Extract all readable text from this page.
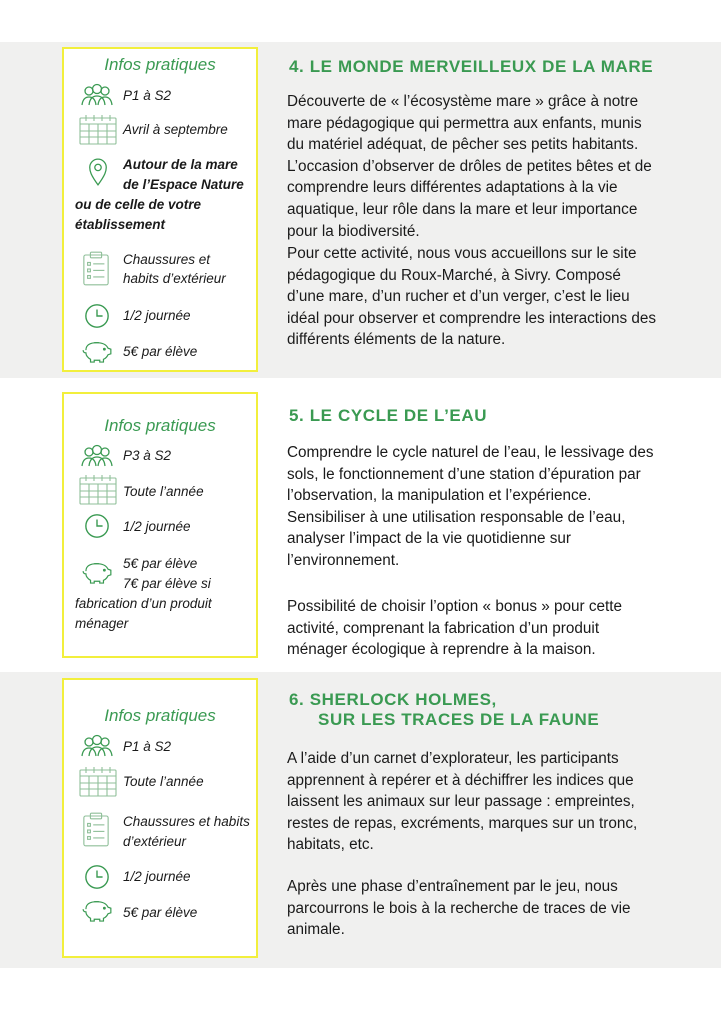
Infos pratiques
P1 à S2
Avril à septembre
Autour de la mare
de l’Espace Nature
ou de celle de votre
établissement
Chaussures et
habits d’extérieur
1/2 journée
5€ par élève
4. LE MONDE MERVEILLEUX DE LA MARE

Découverte de « l’écosystème mare » grâce à notre mare pédagogique qui permettra aux enfants, munis du matériel adéquat, de pêcher ses petits habitants. L’occasion d’observer de drôles de petites bêtes et de comprendre leurs différentes adaptations à la vie aquatique, leur rôle dans la mare et leur importance pour la biodiversité.

Pour cette activité, nous vous accueillons sur le site pédagogique du Roux-Marché, à Sivry. Composé d’une mare, d’un rucher et d’un verger, c’est le lieu idéal pour observer et comprendre les interactions des différents éléments de la nature.

Infos pratiques
P3 à S2
Toute l’année
1/2 journée
5€ par élève
7€ par élève si
fabrication d’un produit
ménager
5. LE CYCLE DE L’EAU

Comprendre le cycle naturel de l’eau, le lessivage des sols, le fonctionnement d’une station d’épuration par l’observation, la manipulation et l’expérience. Sensibiliser à une utilisation responsable de l’eau, analyser l’impact de la vie quotidienne sur l’environnement.

Possibilité de choisir l’option « bonus » pour cette activité, comprenant la fabrication d’un produit ménager écologique à reprendre à la maison.

Infos pratiques
P1 à S2
Toute l’année
Chaussures et habits
d’extérieur
1/2 journée
5€ par élève
6. SHERLOCK HOLMES,
SUR LES TRACES DE LA FAUNE

A l’aide d’un carnet d’explorateur, les participants apprennent à repérer et à déchiffrer les indices que laissent les animaux sur leur passage : empreintes, restes de repas, excréments, marques sur un tronc, habitats, etc.

Après une phase d’entraînement par le jeu, nous parcourrons le bois à la recherche de traces de vie animale.
